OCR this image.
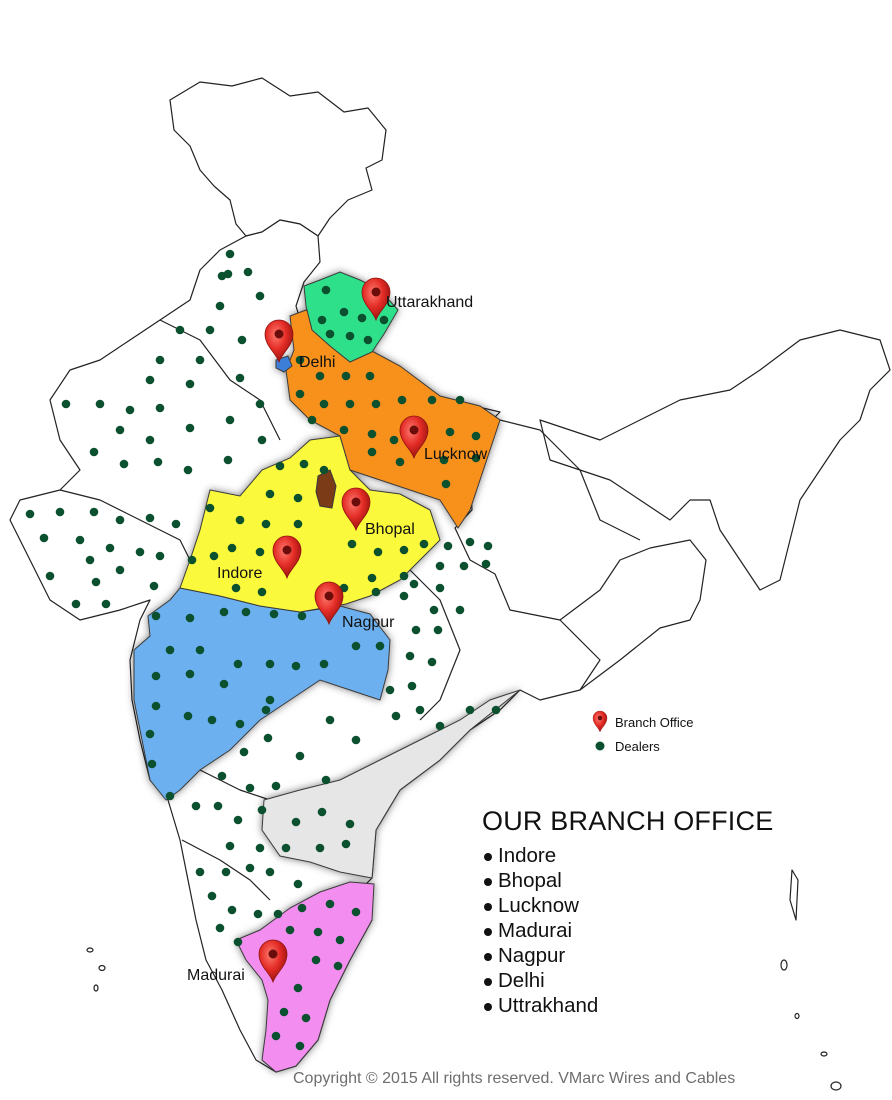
Uttarakhand
Delhi
Lucknow
Bhopal
Indore
Nagpur
Madurai
Branch Office
Dealers
OUR BRANCH OFFICE
Indore
Bhopal
Lucknow
Madurai
Nagpur
Delhi
Uttrakhand
Copyright © 2015 All rights reserved. VMarc Wires and Cables
